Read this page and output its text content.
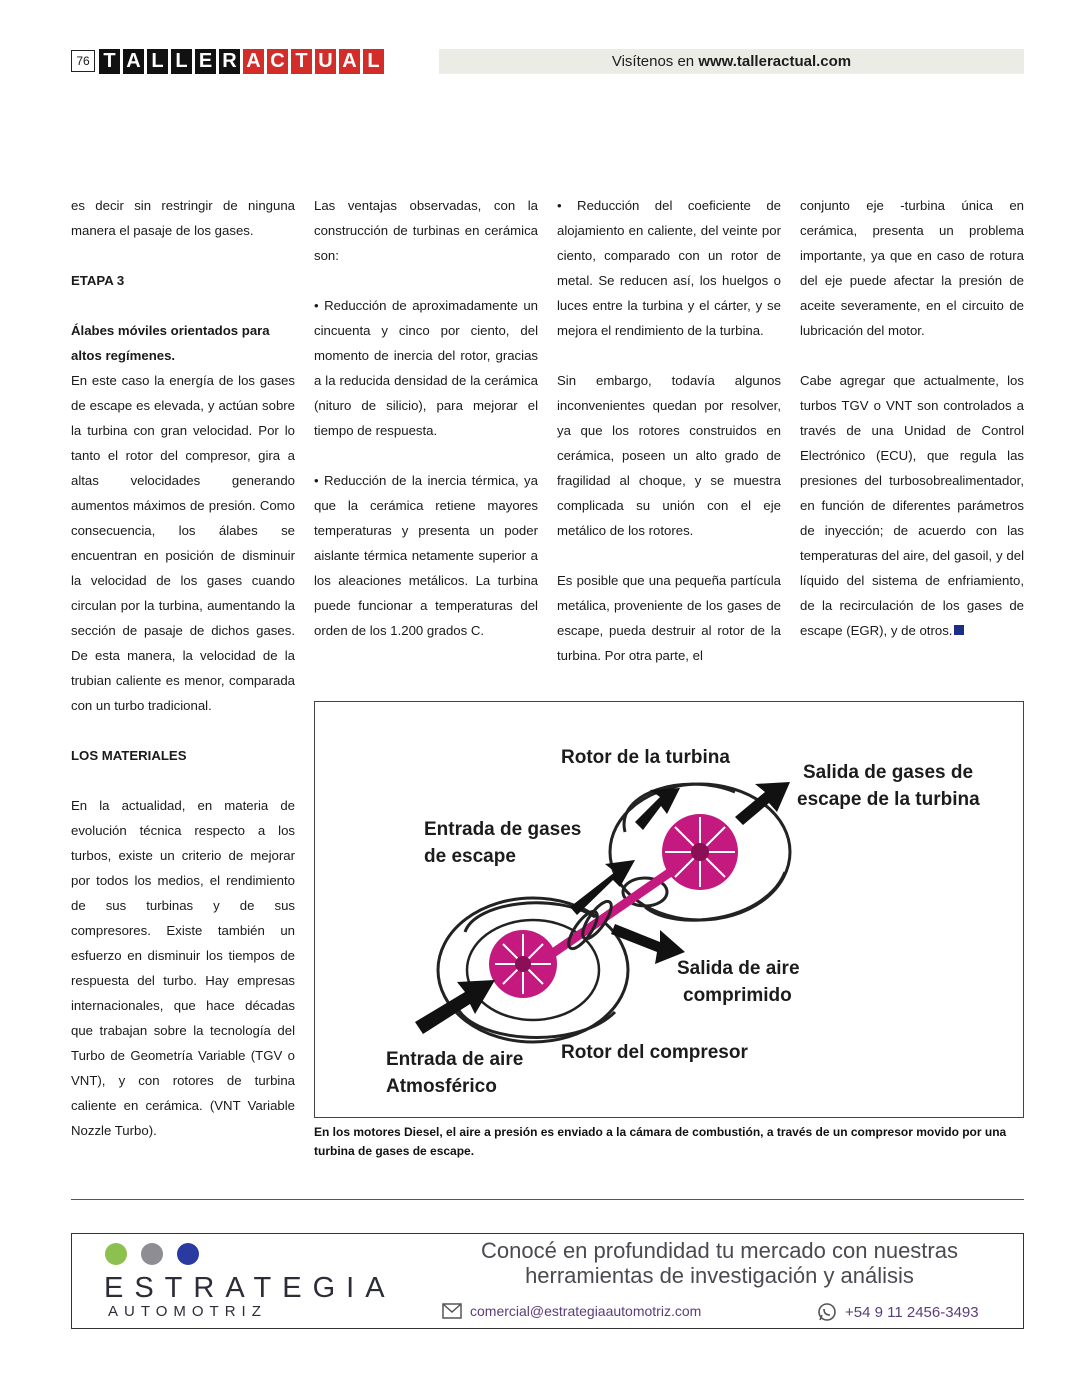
76 T A L L E R A C T U A L	Visítenos en www.talleractual.com

es decir sin restringir de ninguna manera el pasaje de los gases.

ETAPA 3

Álabes móviles orientados para altos regímenes.

En este caso la energía de los gases de escape es elevada, y actúan sobre la turbina con gran velocidad. Por lo tanto el rotor del compresor, gira a altas velocidades generando aumentos máximos de presión. Como consecuencia, los álabes se encuentran en posición de disminuir la velocidad de los gases cuando circulan por la turbina, aumentando la sección de pasaje de dichos gases. De esta manera, la velocidad de la trubian caliente es menor, comparada con un turbo tradicional.

LOS MATERIALES

En la actualidad, en materia de evolución técnica respecto a los turbos, existe un criterio de mejorar por todos los medios, el rendimiento de sus turbinas y de sus compresores. Existe también un esfuerzo en disminuir los tiempos de respuesta del turbo. Hay empresas internacionales, que hace décadas que trabajan sobre la tecnología del Turbo de Geometría Variable (TGV o VNT), y con rotores de turbina caliente en cerámica. (VNT Variable Nozzle Turbo).

Las ventajas observadas, con la construcción de turbinas en cerámica son:

• Reducción de aproximadamente un cincuenta y cinco por ciento, del momento de inercia del rotor, gracias a la reducida densidad de la cerámica (nituro de silicio), para mejorar el tiempo de respuesta.

• Reducción de la inercia térmica, ya que la cerámica retiene mayores temperaturas y presenta un poder aislante térmica netamente superior a los aleaciones metálicos. La turbina puede funcionar a temperaturas del orden de los 1.200 grados C.

• Reducción del coeficiente de alojamiento en caliente, del veinte por ciento, comparado con un rotor de metal. Se reducen así, los huelgos o luces entre la turbina y el cárter, y se mejora el rendimiento de la turbina.

Sin embargo, todavía algunos inconvenientes quedan por resolver, ya que los rotores construidos en cerámica, poseen un alto grado de fragilidad al choque, y se muestra complicada su unión con el eje metálico de los rotores.

Es posible que una pequeña partícula metálica, proveniente de los gases de escape, pueda destruir al rotor de la turbina. Por otra parte, el

conjunto eje -turbina única en cerámica, presenta un problema importante, ya que en caso de rotura del eje puede afectar la presión de aceite severamente, en el circuito de lubricación del motor.

Cabe agregar que actualmente, los turbos TGV o VNT son controlados a través de una Unidad de Control Electrónico (ECU), que regula las presiones del turbosobrealimentador, en función de diferentes parámetros de inyección; de acuerdo con las temperaturas del aire, del gasoil, y del líquido del sistema de enfriamiento, de la recirculación de los gases de escape (EGR), y de otros.

Rotor de la turbina
Salida de gases de
escape de la turbina
Entrada de gases
de escape
Salida de aire
comprimido
Rotor del compresor
Entrada de aire
Atmosférico
En los motores Diesel, el aire a presión es enviado a la cámara de combustión, a través de un compresor movido por una turbina de gases de escape.
ESTRATEGIA
AUTOMOTRIZ
Conocé en profundidad tu mercado con nuestras
herramientas de investigación y análisis
comercial@estrategiaautomotriz.com	+54 9 11 2456-3493
